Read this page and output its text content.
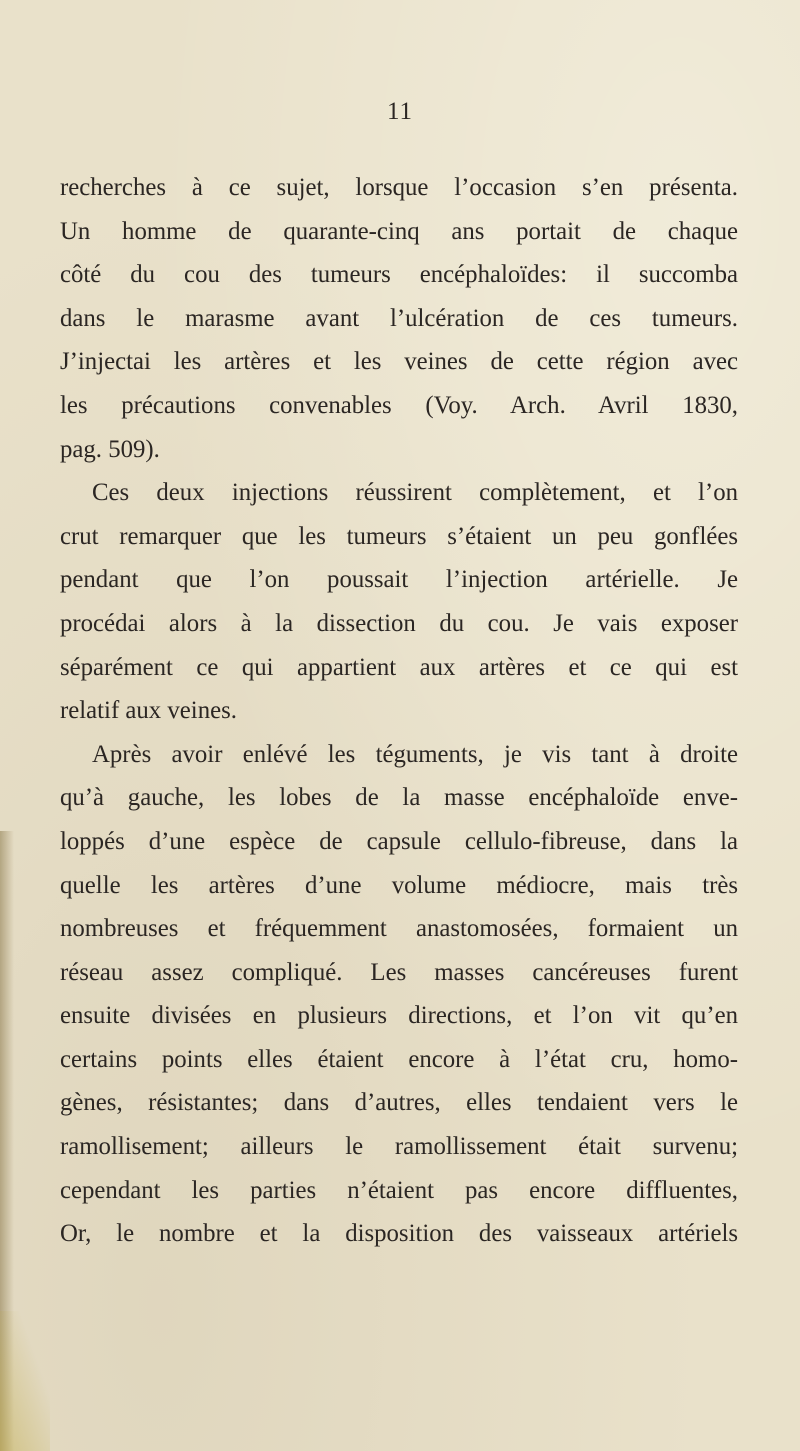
11
recherches à ce sujet, lorsque l’occasion s’en présenta.
Un homme de quarante-cinq ans portait de chaque
côté du cou des tumeurs encéphaloïdes: il succomba
dans le marasme avant l’ulcération de ces tumeurs.
J’injectai les artères et les veines de cette région avec
les précautions convenables (Voy. Arch. Avril 1830,
pag. 509).
Ces deux injections réussirent complètement, et l’on
crut remarquer que les tumeurs s’étaient un peu gonflées
pendant que l’on poussait l’injection artérielle. Je
procédai alors à la dissection du cou. Je vais exposer
séparément ce qui appartient aux artères et ce qui est
relatif aux veines.
Après avoir enlévé les téguments, je vis tant à droite
qu’à gauche, les lobes de la masse encéphaloïde enve-
loppés d’une espèce de capsule cellulo-fibreuse, dans la
quelle les artères d’une volume médiocre, mais très
nombreuses et fréquemment anastomosées, formaient un
réseau assez compliqué. Les masses cancéreuses furent
ensuite divisées en plusieurs directions, et l’on vit qu’en
certains points elles étaient encore à l’état cru, homo-
gènes, résistantes; dans d’autres, elles tendaient vers le
ramollisement; ailleurs le ramollissement était survenu;
cependant les parties n’étaient pas encore diffluentes,
Or, le nombre et la disposition des vaisseaux artériels
